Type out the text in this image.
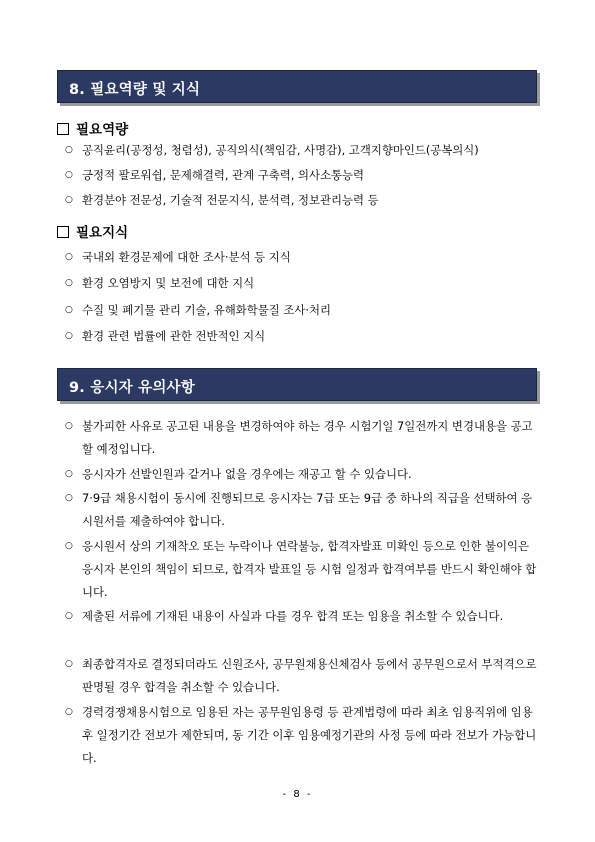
8. 필요역량 및 지식
필요역량
○ 공직윤리(공정성, 청렴성), 공직의식(책임감, 사명감), 고객지향마인드(공복의식)
○ 긍정적 팔로워쉽, 문제해결력, 관계 구축력, 의사소통능력
○ 환경분야 전문성, 기술적 전문지식, 분석력, 정보관리능력 등
필요지식
○ 국내외 환경문제에 대한 조사·분석 등 지식
○ 환경 오염방지 및 보전에 대한 지식
○ 수질 및 폐기물 관리 기술, 유해화학물질 조사·처리
○ 환경 관련 법률에 관한 전반적인 지식
9. 응시자 유의사항
○ 불가피한 사유로 공고된 내용을 변경하여야 하는 경우 시험기일 7일전까지 변경내용을 공고할 예정입니다.
○ 응시자가 선발인원과 같거나 없을 경우에는 재공고 할 수 있습니다.
○ 7·9급 채용시험이 동시에 진행되므로 응시자는 7급 또는 9급 중 하나의 직급을 선택하여 응시원서를 제출하여야 합니다.
○ 응시원서 상의 기재착오 또는 누락이나 연락불능, 합격자발표 미확인 등으로 인한 불이익은 응시자 본인의 책임이 되므로, 합격자 발표일 등 시험 일정과 합격여부를 반드시 확인해야 합니다.
○ 제출된 서류에 기재된 내용이 사실과 다를 경우 합격 또는 임용을 취소할 수 있습니다.
○ 최종합격자로 결정되더라도 신원조사, 공무원채용신체검사 등에서 공무원으로서 부적격으로 판명될 경우 합격을 취소할 수 있습니다.
○ 경력경쟁채용시험으로 임용된 자는 공무원임용령 등 관계법령에 따라 최초 임용직위에 임용 후 일정기간 전보가 제한되며, 동 기간 이후 임용예정기관의 사정 등에 따라 전보가 가능합니다.
- 8 -
